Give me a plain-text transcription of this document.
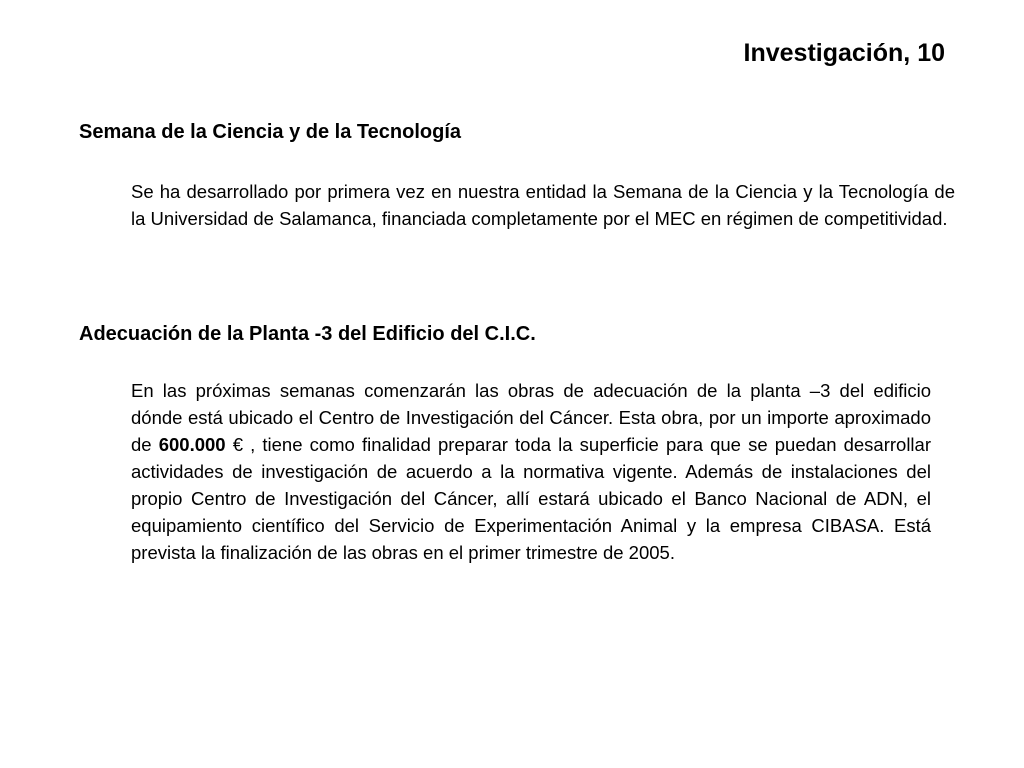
Investigación, 10
Semana de la Ciencia y de la Tecnología

Se ha desarrollado por primera vez en nuestra entidad la Semana de la Ciencia y la Tecnología de la Universidad de Salamanca, financiada completamente por el MEC en régimen de competitividad.

Adecuación de la Planta -3 del Edificio del C.I.C.

En las próximas semanas comenzarán las obras de adecuación de la planta –3 del edificio dónde está ubicado el Centro de Investigación del Cáncer. Esta obra, por un importe aproximado de 600.000 € , tiene como finalidad preparar toda la superficie para que se puedan desarrollar actividades de investigación de acuerdo a la normativa vigente. Además de instalaciones del propio Centro de Investigación del Cáncer, allí estará ubicado el Banco Nacional de ADN, el equipamiento científico del Servicio de Experimentación Animal y la empresa CIBASA. Está prevista la finalización de las obras en el primer trimestre de 2005.
